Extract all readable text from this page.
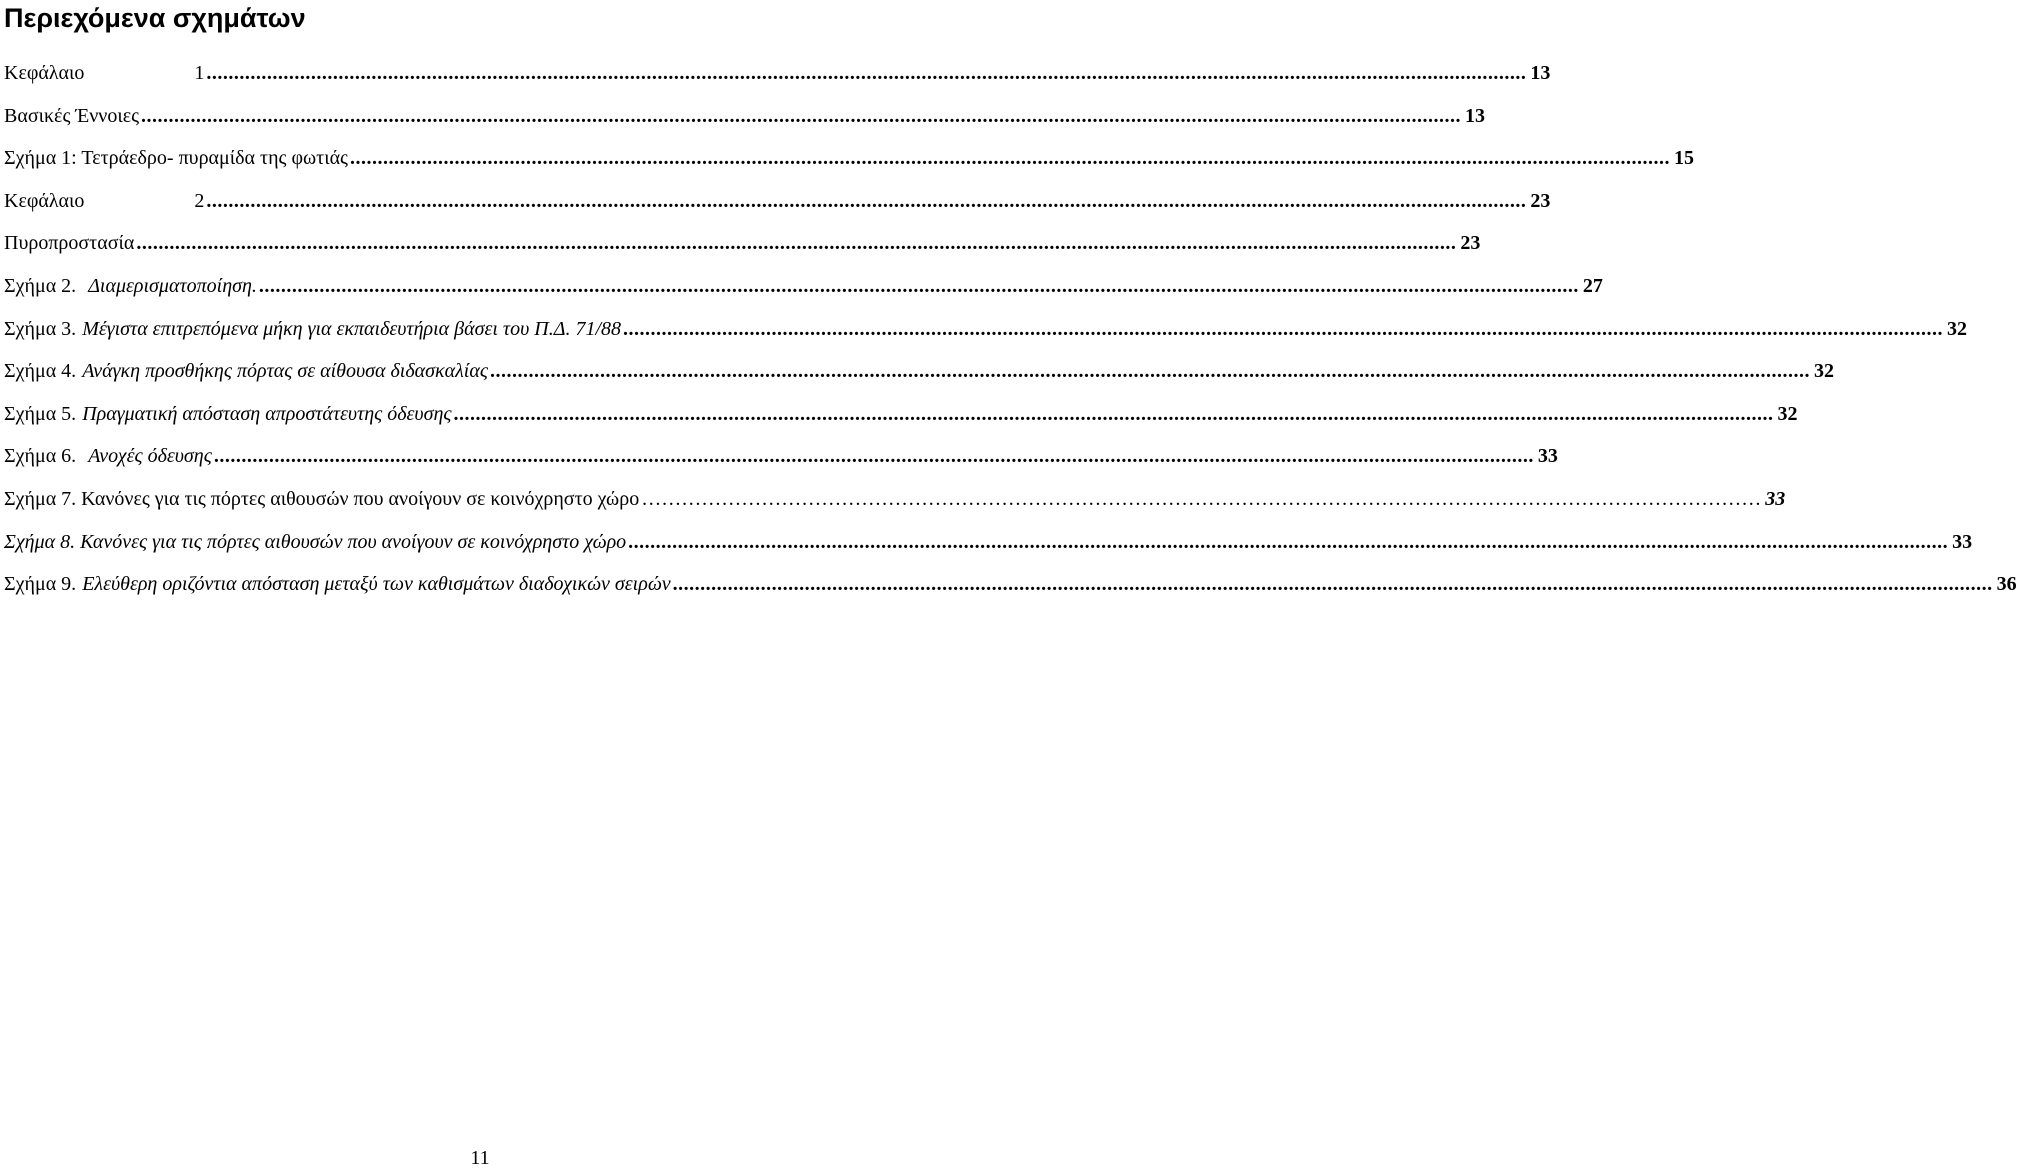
Περιεχόμενα σχημάτων
Κεφάλαιο	1 .....	13
Βασικές Έννοιες .....	13
Σχήμα 1: Τετράεδρο- πυραμίδα της φωτιάς .....	15
Κεφάλαιο	2 .....	23
Πυροπροστασία .....	23
Σχήμα 2. Διαμερισματοποίηση. .....	27
Σχήμα 3. Μέγιστα επιτρεπόμενα μήκη για εκπαιδευτήρια βάσει του Π.Δ. 71/88 .....	32
Σχήμα 4. Ανάγκη προσθήκης πόρτας σε αίθουσα διδασκαλίας .....	32
Σχήμα 5. Πραγματική απόσταση απροστάτευτης όδευσης .....	32
Σχήμα 6. Ανοχές όδευσης .....	33
Σχήμα 7. Κανόνες για τις πόρτες αιθουσών που ανοίγουν σε κοινόχρηστο χώρο ……………………………………………………………………………………………………………………………………………………	33
Σχήμα 8. Κανόνες για τις πόρτες αιθουσών που ανοίγουν σε κοινόχρηστο χώρο .....	33
Σχήμα 9. Ελεύθερη οριζόντια απόσταση μεταξύ των καθισμάτων διαδοχικών σειρών .....	36
11
